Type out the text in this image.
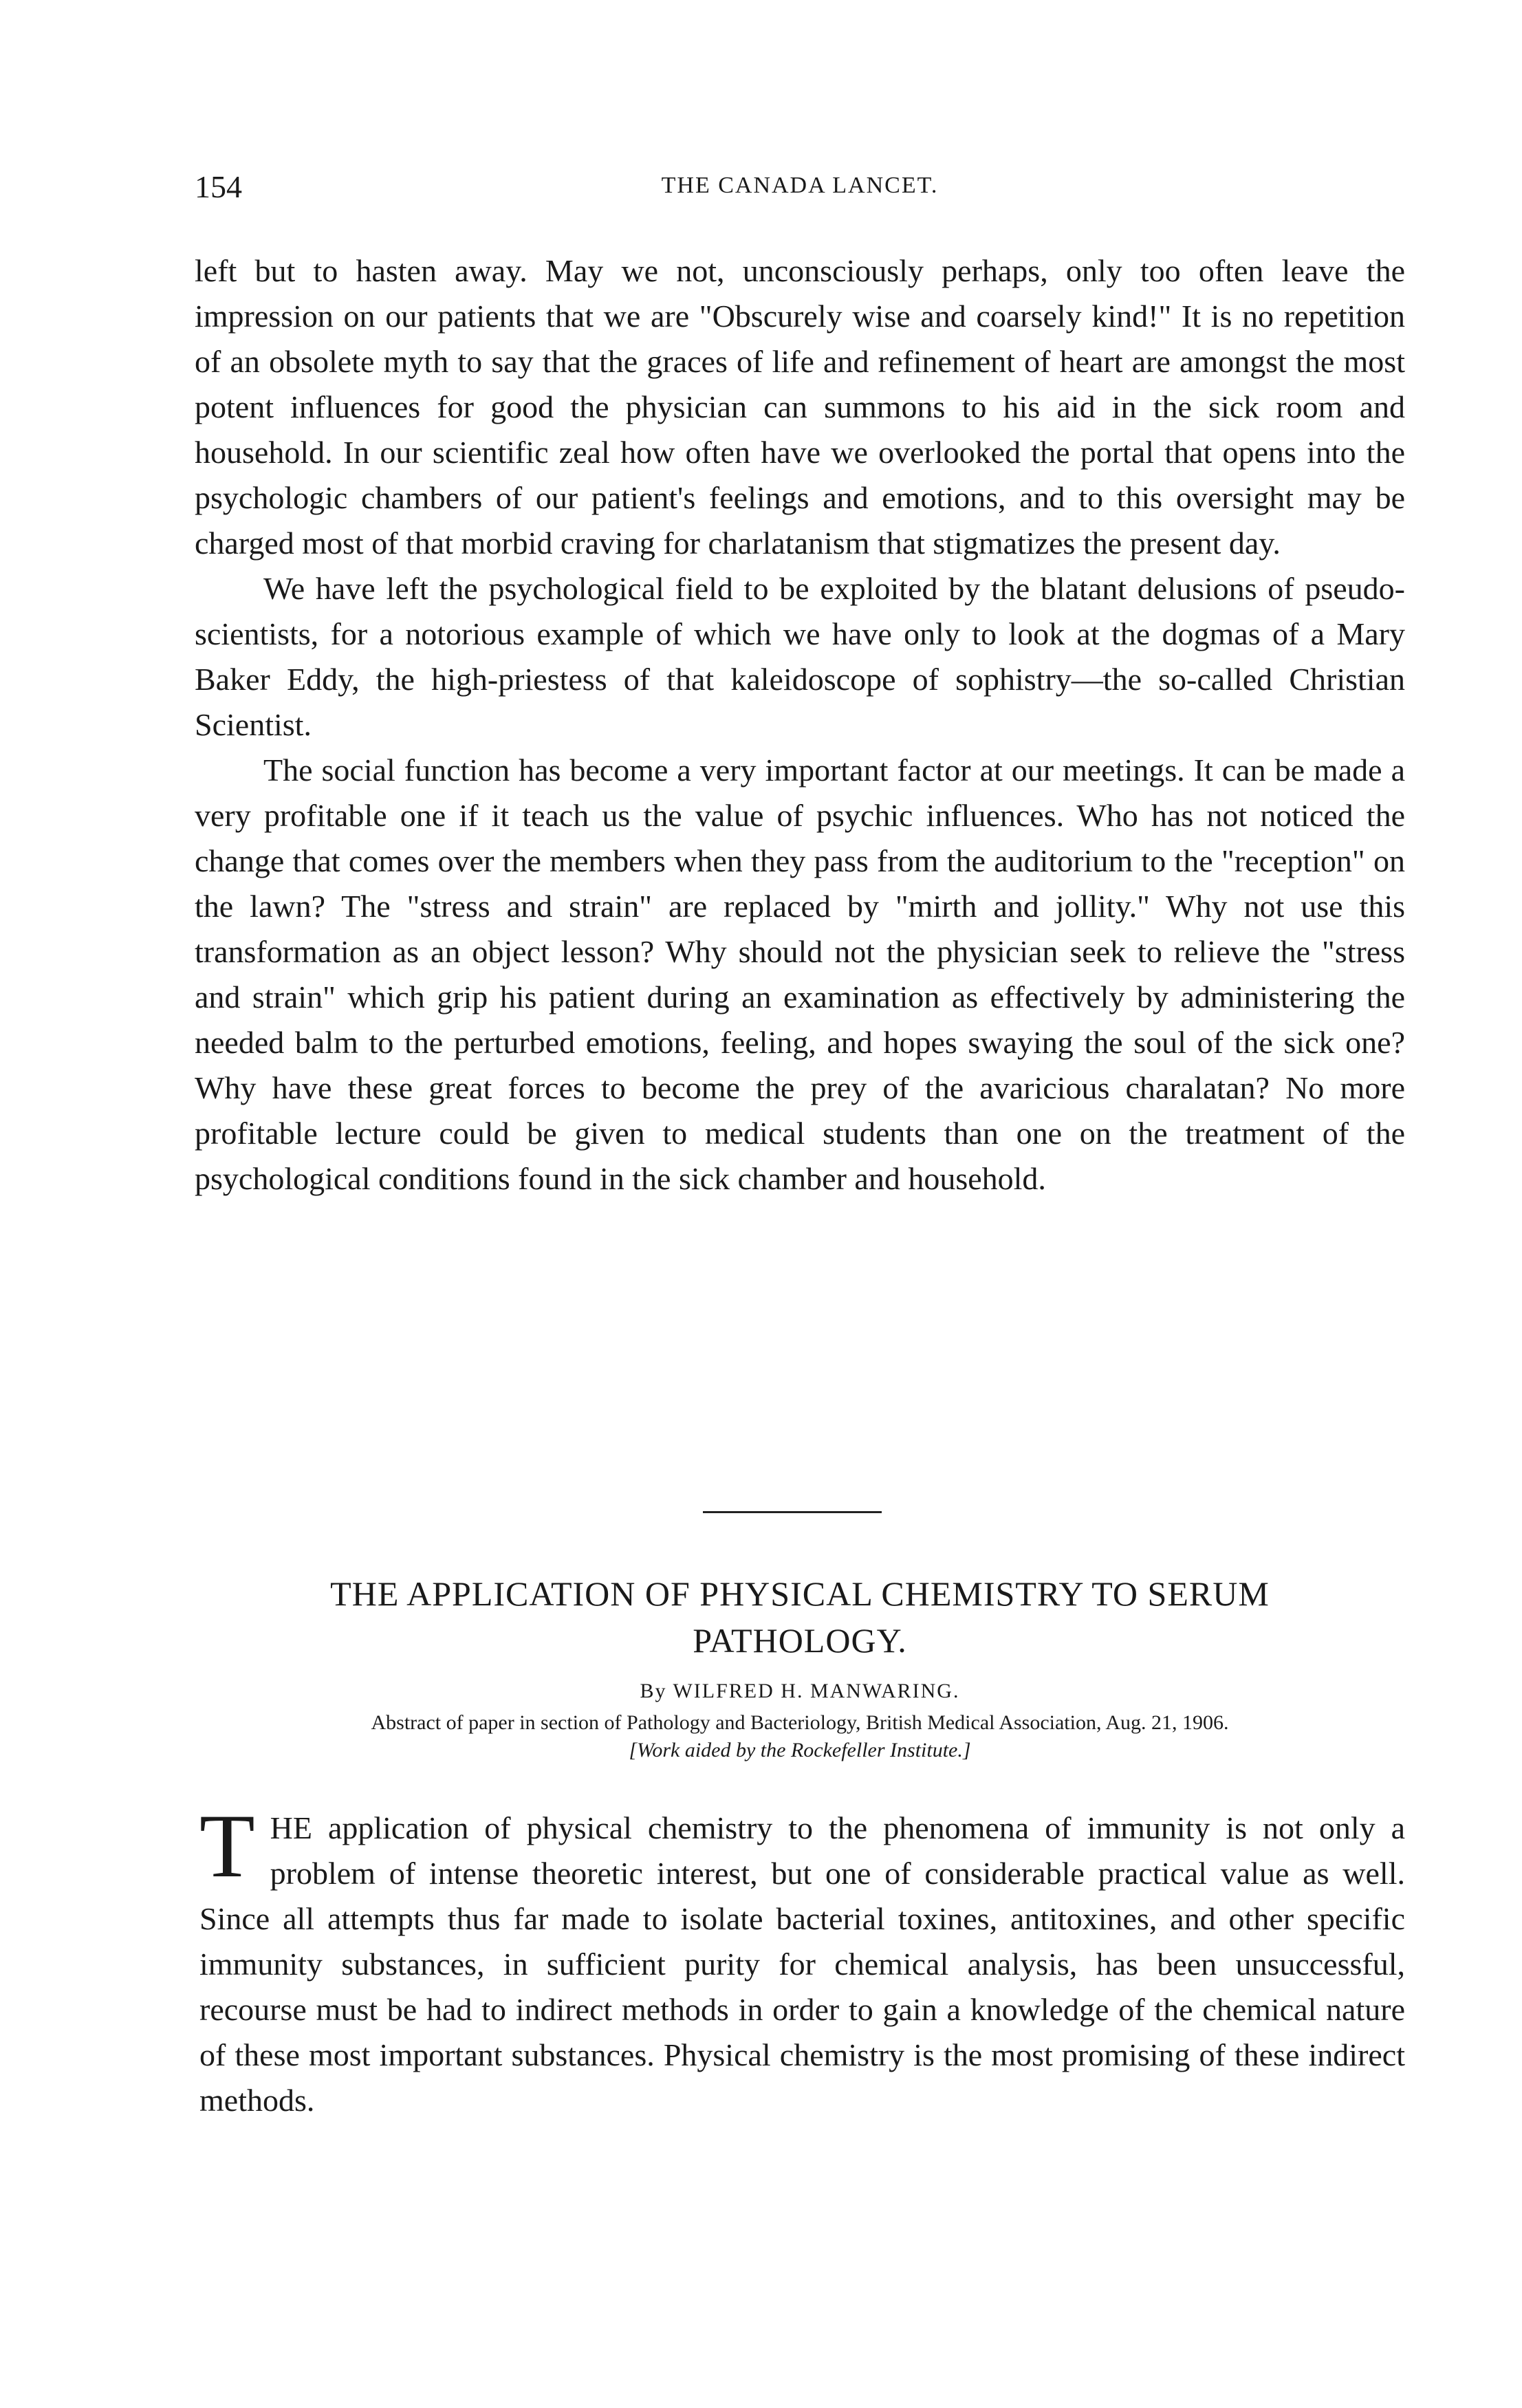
154	THE CANADA LANCET.

left but to hasten away. May we not, unconsciously perhaps, only too often leave the impression on our patients that we are "Obscurely wise and coarsely kind!" It is no repetition of an obsolete myth to say that the graces of life and refinement of heart are amongst the most potent influences for good the physician can summons to his aid in the sick room and household. In our scientific zeal how often have we overlooked the portal that opens into the psychologic chambers of our patient's feelings and emotions, and to this oversight may be charged most of that morbid craving for charlatanism that stigmatizes the present day.

We have left the psychological field to be exploited by the blatant delusions of pseudo-scientists, for a notorious example of which we have only to look at the dogmas of a Mary Baker Eddy, the high-priestess of that kaleidoscope of sophistry—the so-called Christian Scientist.

The social function has become a very important factor at our meetings. It can be made a very profitable one if it teach us the value of psychic influences. Who has not noticed the change that comes over the members when they pass from the auditorium to the "reception" on the lawn? The "stress and strain" are replaced by "mirth and jollity." Why not use this transformation as an object lesson? Why should not the physician seek to relieve the "stress and strain" which grip his patient during an examination as effectively by administering the needed balm to the perturbed emotions, feeling, and hopes swaying the soul of the sick one? Why have these great forces to become the prey of the avaricious charalatan? No more profitable lecture could be given to medical students than one on the treatment of the psychological conditions found in the sick chamber and household.

THE APPLICATION OF PHYSICAL CHEMISTRY TO SERUM
PATHOLOGY.
By WILFRED H. MANWARING.
Abstract of paper in section of Pathology and Bacteriology, British Medical Association, Aug. 21, 1906.
[Work aided by the Rockefeller Institute.]

THE application of physical chemistry to the phenomena of immunity is not only a problem of intense theoretic interest, but one of considerable practical value as well. Since all attempts thus far made to isolate bacterial toxines, antitoxines, and other specific immunity substances, in sufficient purity for chemical analysis, has been unsuccessful, recourse must be had to indirect methods in order to gain a knowledge of the chemical nature of these most important substances. Physical chemistry is the most promising of these indirect methods.
